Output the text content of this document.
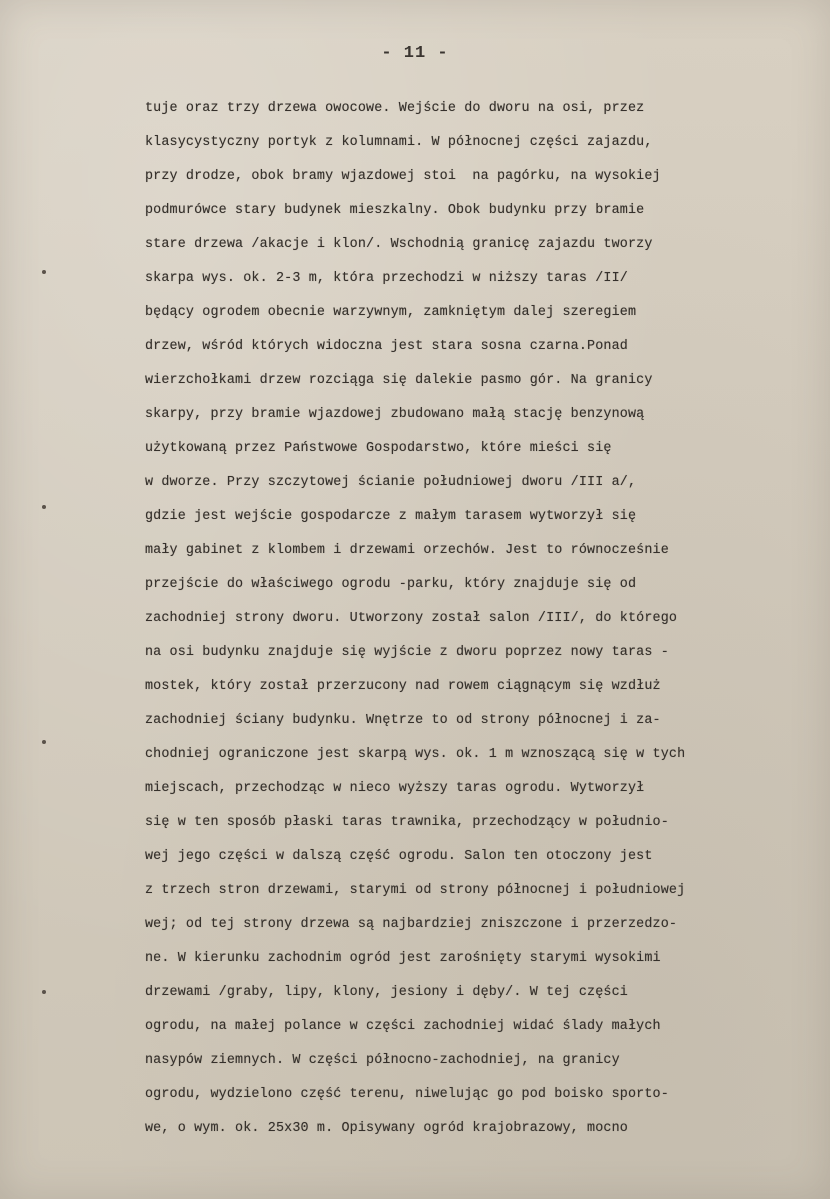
- 11 -
tuje oraz trzy drzewa owocowe. Wejście do dworu na osi, przez
klasycystyczny portyk z kolumnami. W północnej części zajazdu,
przy drodze, obok bramy wjazdowej stoi  na pagórku, na wysokiej
podmurówce stary budynek mieszkalny. Obok budynku przy bramie
stare drzewa /akacje i klon/. Wschodnią granicę zajazdu tworzy
skarpa wys. ok. 2-3 m, która przechodzi w niższy taras /II/
będący ogrodem obecnie warzywnym, zamkniętym dalej szeregiem
drzew, wśród których widoczna jest stara sosna czarna.Ponad
wierzchołkami drzew rozciąga się dalekie pasmo gór. Na granicy
skarpy, przy bramie wjazdowej zbudowano małą stację benzynową
użytkowaną przez Państwowe Gospodarstwo, które mieści się
w dworze. Przy szczytowej ścianie południowej dworu /III a/,
gdzie jest wejście gospodarcze z małym tarasem wytworzył się
mały gabinet z klombem i drzewami orzechów. Jest to równocześnie
przejście do właściwego ogrodu -parku, który znajduje się od
zachodniej strony dworu. Utworzony został salon /III/, do którego
na osi budynku znajduje się wyjście z dworu poprzez nowy taras -
mostek, który został przerzucony nad rowem ciągnącym się wzdłuż
zachodniej ściany budynku. Wnętrze to od strony północnej i za-
chodniej ograniczone jest skarpą wys. ok. 1 m wznoszącą się w tych
miejscach, przechodząc w nieco wyższy taras ogrodu. Wytworzył
się w ten sposób płaski taras trawnika, przechodzący w południo-
wej jego części w dalszą część ogrodu. Salon ten otoczony jest
z trzech stron drzewami, starymi od strony północnej i południowej
wej; od tej strony drzewa są najbardziej zniszczone i przerzedzo-
ne. W kierunku zachodnim ogród jest zarośnięty starymi wysokimi
drzewami /graby, lipy, klony, jesiony i dęby/. W tej części
ogrodu, na małej polance w części zachodniej widać ślady małych
nasypów ziemnych. W części północno-zachodniej, na granicy
ogrodu, wydzielono część terenu, niwelując go pod boisko sporto-
we, o wym. ok. 25x30 m. Opisywany ogród krajobrazowy, mocno
